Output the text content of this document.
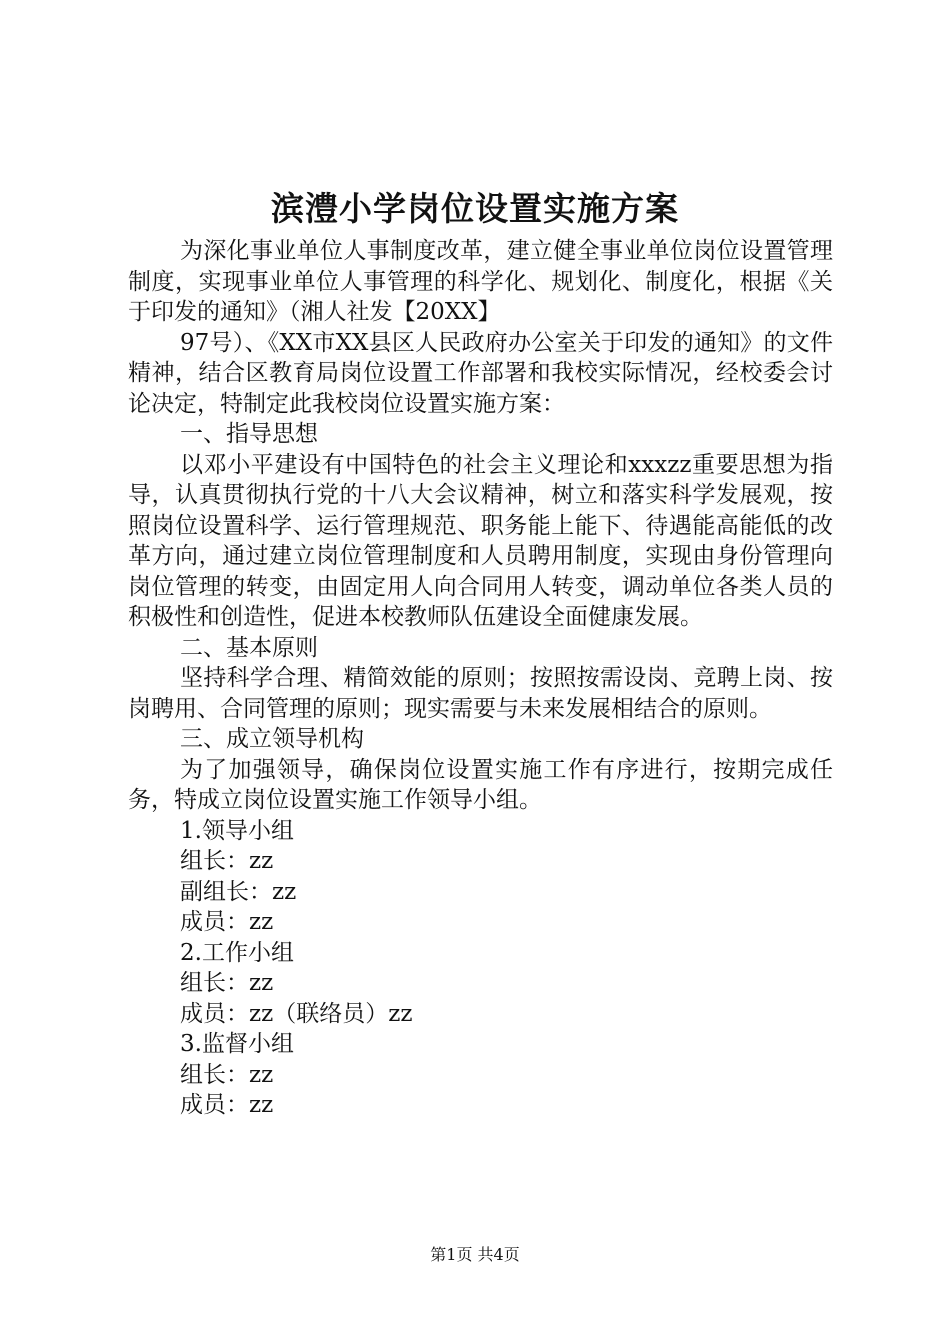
滨澧小学岗位设置实施方案

为深化事业单位人事制度改革，建立健全事业单位岗位设置管理制度，实现事业单位人事管理的科学化、规划化、制度化，根据《关于印发的通知》（湘人社发【20XX】

97号）、《XX市XX县区人民政府办公室关于印发的通知》的文件精神，结合区教育局岗位设置工作部署和我校实际情况，经校委会讨论决定，特制定此我校岗位设置实施方案：

一、指导思想

以邓小平建设有中国特色的社会主义理论和xxxzz重要思想为指导，认真贯彻执行党的十八大会议精神，树立和落实科学发展观，按照岗位设置科学、运行管理规范、职务能上能下、待遇能高能低的改革方向，通过建立岗位管理制度和人员聘用制度，实现由身份管理向岗位管理的转变，由固定用人向合同用人转变，调动单位各类人员的积极性和创造性，促进本校教师队伍建设全面健康发展。

二、基本原则

坚持科学合理、精简效能的原则；按照按需设岗、竞聘上岗、按岗聘用、合同管理的原则；现实需要与未来发展相结合的原则。

三、成立领导机构

为了加强领导，确保岗位设置实施工作有序进行，按期完成任务，特成立岗位设置实施工作领导小组。

1.领导小组

组长：zz

副组长：zz

成员：zz

2.工作小组

组长：zz

成员：zz（联络员）zz

3.监督小组

组长：zz

成员：zz

第1页 共4页
